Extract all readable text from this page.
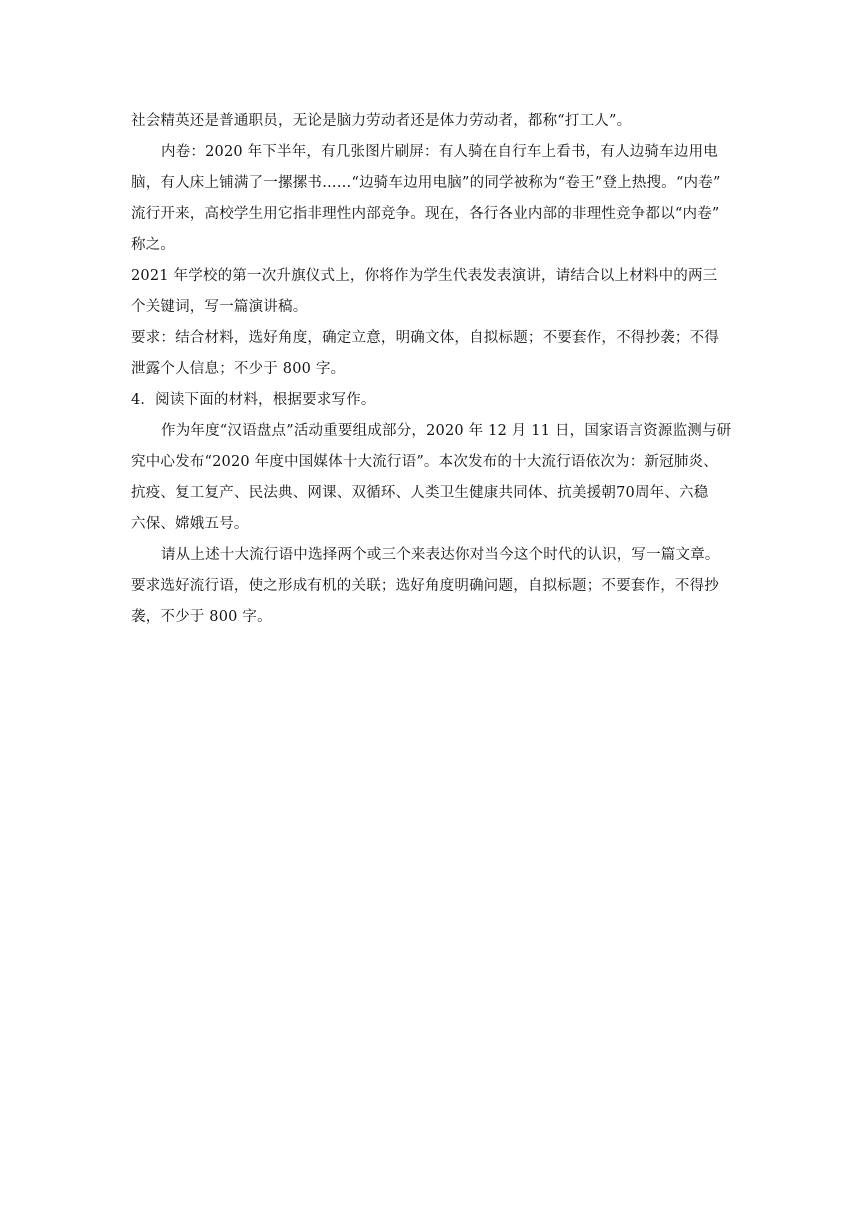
社会精英还是普通职员，无论是脑力劳动者还是体力劳动者，都称“打工人”。
内卷：2020 年下半年，有几张图片刷屏：有人骑在自行车上看书，有人边骑车边用电
脑，有人床上铺满了一摞摞书……“边骑车边用电脑”的同学被称为“卷王”登上热搜。“内卷”
流行开来，高校学生用它指非理性内部竞争。现在，各行各业内部的非理性竞争都以“内卷”
称之。
2021 年学校的第一次升旗仪式上，你将作为学生代表发表演讲，请结合以上材料中的两三
个关键词，写一篇演讲稿。
要求：结合材料，选好角度，确定立意，明确文体，自拟标题；不要套作，不得抄袭；不得
泄露个人信息；不少于 800 字。
4．阅读下面的材料，根据要求写作。
作为年度“汉语盘点”活动重要组成部分，2020 年 12 月 11 日，国家语言资源监测与研
究中心发布“2020 年度中国媒体十大流行语”。本次发布的十大流行语依次为：新冠肺炎、
抗疫、复工复产、民法典、网课、双循环、人类卫生健康共同体、抗美援朝70周年、六稳
六保、嫦娥五号。
请从上述十大流行语中选择两个或三个来表达你对当今这个时代的认识，写一篇文章。
要求选好流行语，使之形成有机的关联；选好角度明确问题，自拟标题；不要套作，不得抄
袭，不少于 800 字。
